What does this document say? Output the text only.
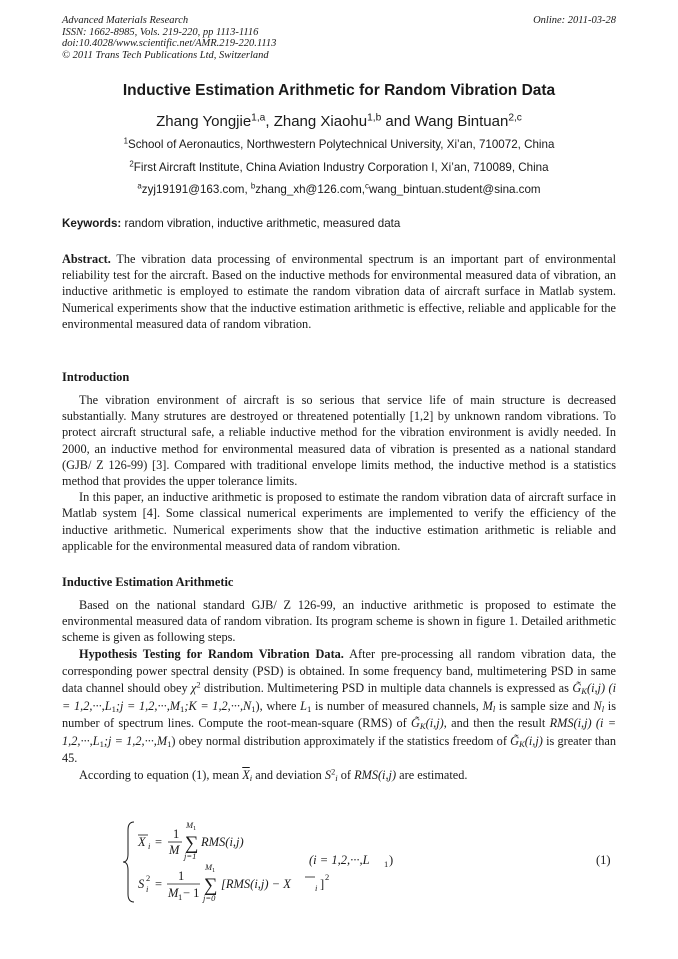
Advanced Materials Research
ISSN: 1662-8985, Vols. 219-220, pp 1113-1116
doi:10.4028/www.scientific.net/AMR.219-220.1113
© 2011 Trans Tech Publications Ltd, Switzerland
Online: 2011-03-28
Inductive Estimation Arithmetic for Random Vibration Data
Zhang Yongjie$^{1,a}$, Zhang Xiaohu$^{1,b}$ and Wang Bintuan$^{2,c}$
$^1$School of Aeronautics, Northwestern Polytechnical University, Xi’an, 710072, China
$^2$First Aircraft Institute, China Aviation Industry Corporation I, Xi’an, 710089, China
$^a$zyj19191@163.com, $^b$zhang_xh@126.com,$^c$wang_bintuan.student@sina.com
Keywords: random vibration, inductive arithmetic, measured data

Abstract. The vibration data processing of environmental spectrum is an important part of environmental reliability test for the aircraft. Based on the inductive methods for environmental measured data of vibration, an inductive arithmetic is employed to estimate the random vibration data of aircraft surface in Matlab system. Numerical experiments show that the inductive estimation arithmetic is effective, reliable and applicable for the environmental measured data of random vibration.

Introduction

The vibration environment of aircraft is so serious that service life of main structure is decreased substantially. Many strutures are destroyed or threatened potentially [1,2] by unknown random vibrations. To protect aircraft structural safe, a reliable inductive method for the vibration environment is avidly needed. In 2000, an inductive method for environmental measured data of vibration is presented as a national standard (GJB/ Z 126-99) [3]. Compared with traditional envelope limits method, the inductive method is a statistics method that provides the upper tolerance limits.

In this paper, an inductive arithmetic is proposed to estimate the random vibration data of aircraft surface in Matlab system [4]. Some classical numerical experiments are implemented to verify the efficiency of the inductive arithmetic. Numerical experiments show that the inductive estimation arithmetic is reliable and applicable for the environmental measured data of random vibration.

Inductive Estimation Arithmetic

Based on the national standard GJB/ Z 126-99, an inductive arithmetic is proposed to estimate the environmental measured data of random vibration. Its program scheme is shown in figure 1. Detailed arithmetic scheme is given as following steps.

Hypothesis Testing for Random Vibration Data. After pre-processing all random vibration data, the corresponding power spectral density (PSD) is obtained. In some frequency band, multimetering PSD in same data channel should obey $\chi^2$ distribution. Multimetering PSD in multiple data channels is expressed as $G̃_K(i,j) (i$ = $1,2,\cdot\cdot\cdot,L_1;j$ = $1,2,\cdot\cdot\cdot,M_1;K = 1,2,\cdot\cdot\cdot,N_1$), where $L_1$ is number of measured channels, $M_l$ is sample size and $N_l$ is number of spectrum lines. Compute the root-mean-square (RMS) of $G̃_K(i,j)$, and then the result RMS(i,j) $(i = 1,2,\cdot\cdot\cdot,L_1;j = 1,2,\cdot\cdot\cdot,M_1)$ obey normal distribution approximately if the statistics freedom of $G̃_K(i,j)$ is greater than 45.

According to equation (1), mean $\overline{X}_i$ and deviation $S^2_i$ of RMS(i,j) are estimated.

X i =
1
M
M 1
∑
j=1
RMS(i,j)
S 2
i =
1
M 1 − 1
M 1
∑
j=0
[RMS(i,j) − X	i ] 2
(i = 1,2,···,L 1 )	(1)
